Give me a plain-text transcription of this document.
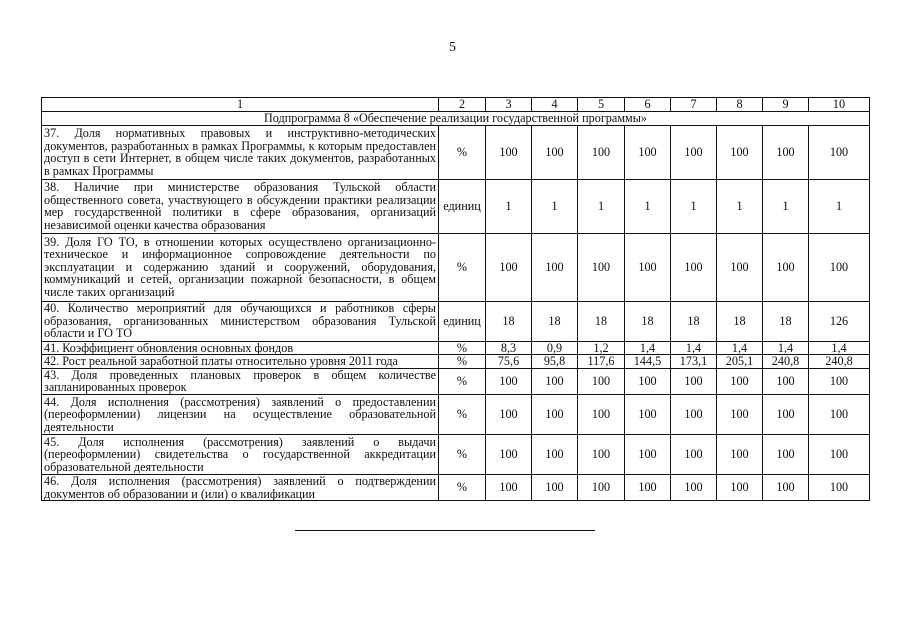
5
1	2	3	4	5	6	7	8	9	10
Подпрограмма 8 «Обеспечение реализации государственной программы»									
37. Доля нормативных правовых и инструктивно-методических документов, разработанных в рамках Программы, к которым предоставлен доступ в сети Интернет, в общем числе таких документов, разработанных в рамках Программы	%	100	100	100	100	100	100	100	100
38. Наличие при министерстве образования Тульской области общественного совета, участвующего в обсуждении практики реализации мер государственной политики в сфере образования, организаций независимой оценки качества образования	единиц	1	1	1	1	1	1	1	1
39. Доля ГО ТО, в отношении которых осуществлено организационно-техническое и информационное сопровождение деятельности по эксплуатации и содержанию зданий и сооружений, оборудования, коммуникаций и сетей, организации пожарной безопасности, в общем числе таких организаций	%	100	100	100	100	100	100	100	100
40. Количество мероприятий для обучающихся и работников сферы образования, организованных министерством образования Тульской области и ГО ТО	единиц	18	18	18	18	18	18	18	126
41. Коэффициент обновления основных фондов	%	8,3	0,9	1,2	1,4	1,4	1,4	1,4	1,4
42. Рост реальной заработной платы относительно уровня 2011 года	%	75,6	95,8	117,6	144,5	173,1	205,1	240,8	240,8
43. Доля проведенных плановых проверок в общем количестве запланированных проверок	%	100	100	100	100	100	100	100	100
44. Доля исполнения (рассмотрения) заявлений о предоставлении (переоформлении) лицензии на осуществление образовательной деятельности	%	100	100	100	100	100	100	100	100
45. Доля исполнения (рассмотрения) заявлений о выдачи (переоформлении) свидетельства о государственной аккредитации образовательной деятельности	%	100	100	100	100	100	100	100	100
46. Доля исполнения (рассмотрения) заявлений о подтверждении документов об образовании и (или) о квалификации	%	100	100	100	100	100	100	100	100
